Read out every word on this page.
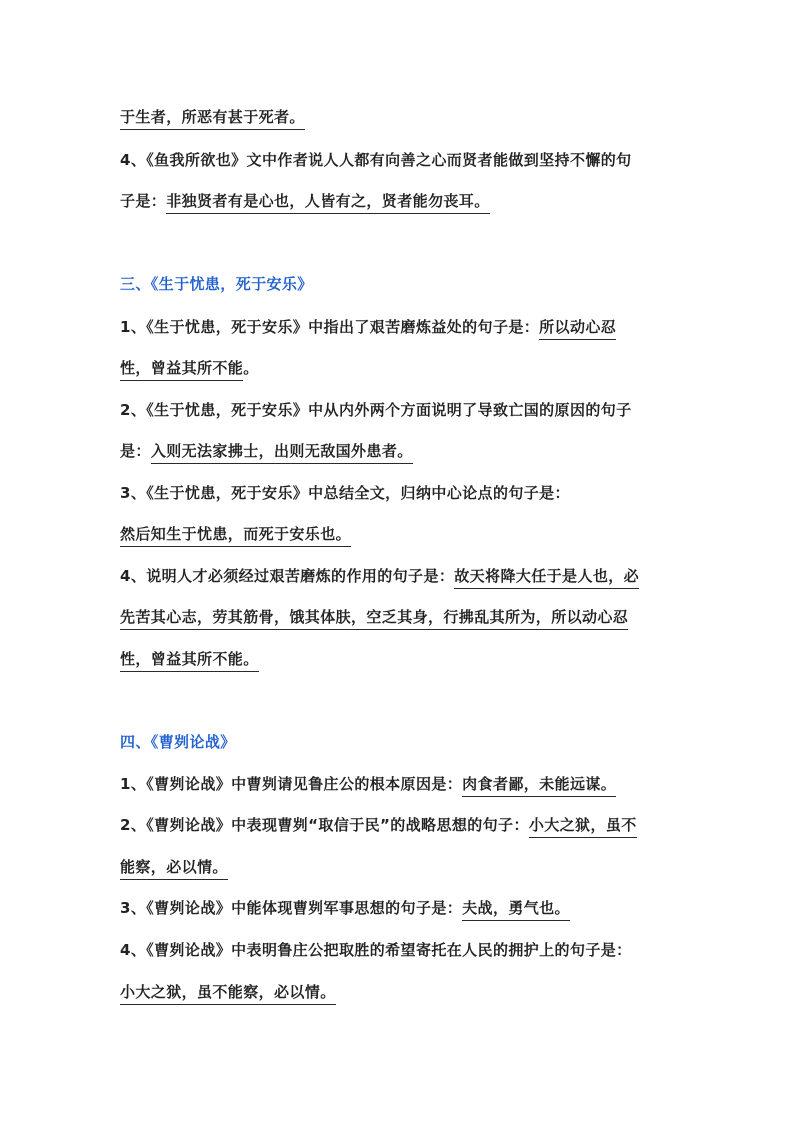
于生者，所恶有甚于死者。
4、《鱼我所欲也》文中作者说人人都有向善之心而贤者能做到坚持不懈的句
子是：非独贤者有是心也，人皆有之，贤者能勿丧耳。
三、《生于忧患，死于安乐》
1、《生于忧患，死于安乐》中指出了艰苦磨炼益处的句子是：所以动心忍
性，曾益其所不能。
2、《生于忧患，死于安乐》中从内外两个方面说明了导致亡国的原因的句子
是：入则无法家拂士，出则无敌国外患者。
3、《生于忧患，死于安乐》中总结全文，归纳中心论点的句子是：
然后知生于忧患，而死于安乐也。
4、说明人才必须经过艰苦磨炼的作用的句子是：故天将降大任于是人也，必
先苦其心志，劳其筋骨，饿其体肤，空乏其身，行拂乱其所为，所以动心忍
性，曾益其所不能。
四、《曹刿论战》
1、《曹刿论战》中曹刿请见鲁庄公的根本原因是：肉食者鄙，未能远谋。
2、《曹刿论战》中表现曹刿“取信于民”的战略思想的句子：小大之狱，虽不
能察，必以情。
3、《曹刿论战》中能体现曹刿军事思想的句子是：夫战，勇气也。
4、《曹刿论战》中表明鲁庄公把取胜的希望寄托在人民的拥护上的句子是：
小大之狱，虽不能察，必以情。
